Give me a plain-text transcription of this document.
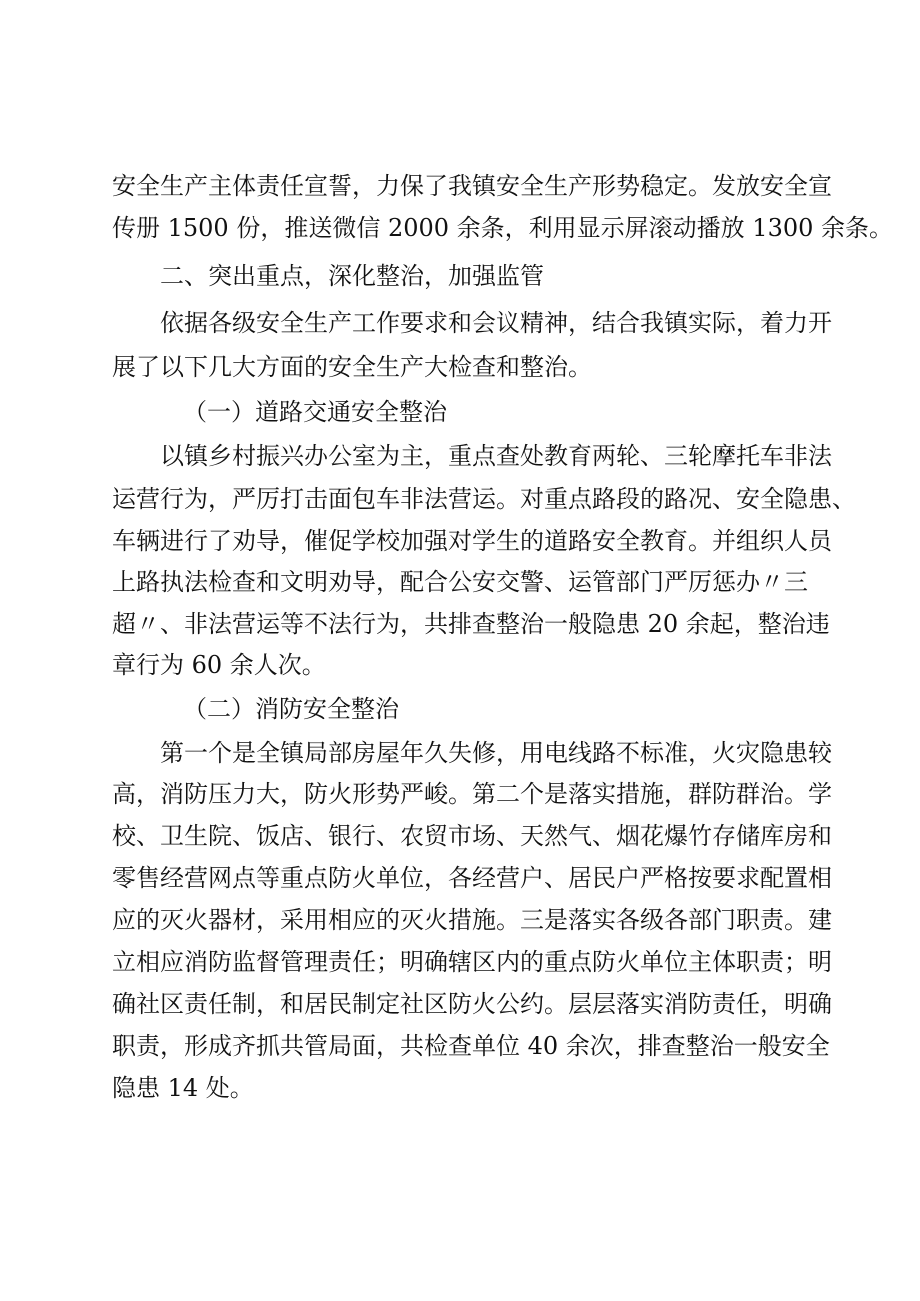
安全生产主体责任宣誓，力保了我镇安全生产形势稳定。发放安全宣
传册 1500 份，推送微信 2000 余条，利用显示屏滚动播放 1300 余条。
二、突出重点，深化整治，加强监管
依据各级安全生产工作要求和会议精神，结合我镇实际，着力开
展了以下几大方面的安全生产大检查和整治。
（一）道路交通安全整治
以镇乡村振兴办公室为主，重点查处教育两轮、三轮摩托车非法
运营行为，严厉打击面包车非法营运。对重点路段的路况、安全隐患、
车辆进行了劝导，催促学校加强对学生的道路安全教育。并组织人员
上路执法检查和文明劝导，配合公安交警、运管部门严厉惩办〃三
超〃、非法营运等不法行为，共排查整治一般隐患 20 余起，整治违
章行为 60 余人次。
（二）消防安全整治
第一个是全镇局部房屋年久失修，用电线路不标准，火灾隐患较
高，消防压力大，防火形势严峻。第二个是落实措施，群防群治。学
校、卫生院、饭店、银行、农贸市场、天然气、烟花爆竹存储库房和
零售经营网点等重点防火单位，各经营户、居民户严格按要求配置相
应的灭火器材，采用相应的灭火措施。三是落实各级各部门职责。建
立相应消防监督管理责任；明确辖区内的重点防火单位主体职责；明
确社区责任制，和居民制定社区防火公约。层层落实消防责任，明确
职责，形成齐抓共管局面，共检查单位 40 余次，排查整治一般安全
隐患 14 处。
